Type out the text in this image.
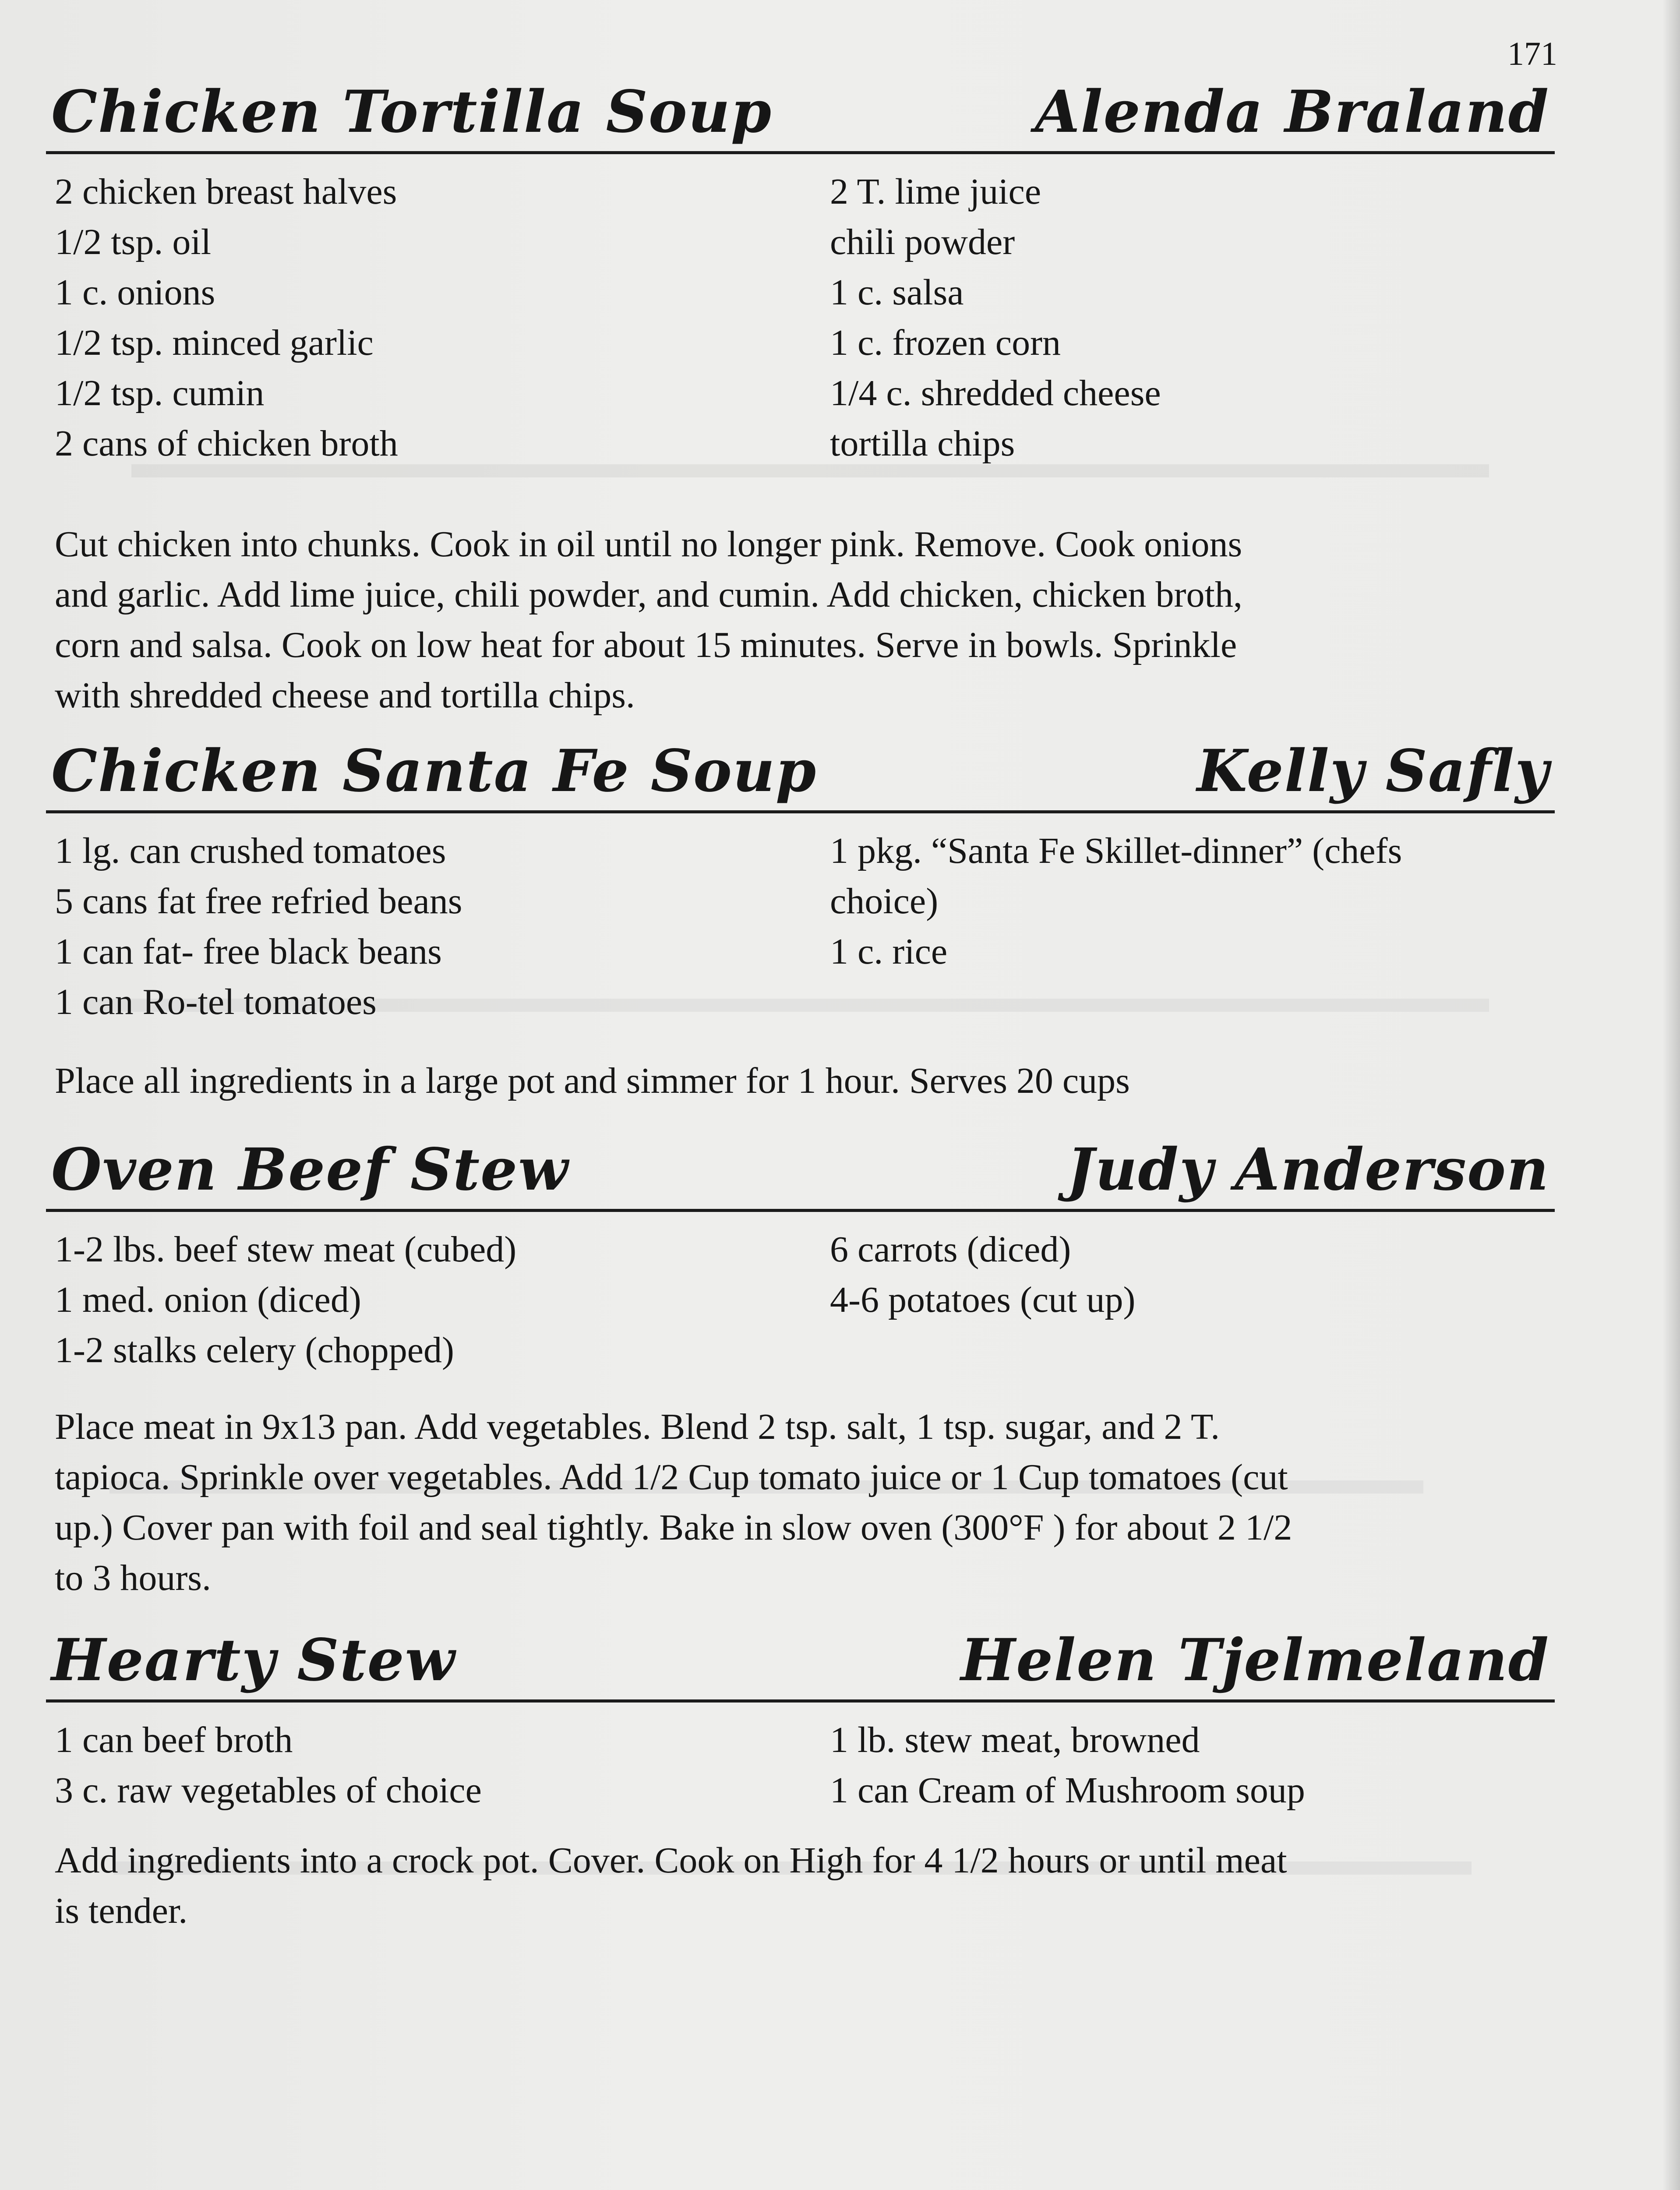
171
Chicken Tortilla Soup	Alenda Braland
2 chicken breast halves
1/2 tsp. oil
1 c. onions
1/2 tsp. minced garlic
1/2 tsp. cumin
2 cans of chicken broth
2 T. lime juice
chili powder
1 c. salsa
1 c. frozen corn
1/4 c. shredded cheese
tortilla chips
Cut chicken into chunks. Cook in oil until no longer pink. Remove. Cook onions
and garlic. Add lime juice, chili powder, and cumin. Add chicken, chicken broth,
corn and salsa. Cook on low heat for about 15 minutes. Serve in bowls. Sprinkle
with shredded cheese and tortilla chips.
Chicken Santa Fe Soup	Kelly Safly
1 lg. can crushed tomatoes
5 cans fat free refried beans
1 can fat- free black beans
1 can Ro-tel tomatoes
1 pkg. “Santa Fe Skillet-dinner” (chefs
choice)
1 c. rice
Place all ingredients in a large pot and simmer for 1 hour. Serves 20 cups
Oven Beef Stew	Judy Anderson
1-2 lbs. beef stew meat (cubed)
1 med. onion (diced)
1-2 stalks celery (chopped)
6 carrots (diced)
4-6 potatoes (cut up)
Place meat in 9x13 pan. Add vegetables. Blend 2 tsp. salt, 1 tsp. sugar, and 2 T.
tapioca. Sprinkle over vegetables. Add 1/2 Cup tomato juice or 1 Cup tomatoes (cut
up.) Cover pan with foil and seal tightly. Bake in slow oven (300°F ) for about 2 1/2
to 3 hours.
Hearty Stew	Helen Tjelmeland
1 can beef broth
3 c. raw vegetables of choice
1 lb. stew meat, browned
1 can Cream of Mushroom soup
Add ingredients into a crock pot. Cover. Cook on High for 4 1/2 hours or until meat
is tender.
